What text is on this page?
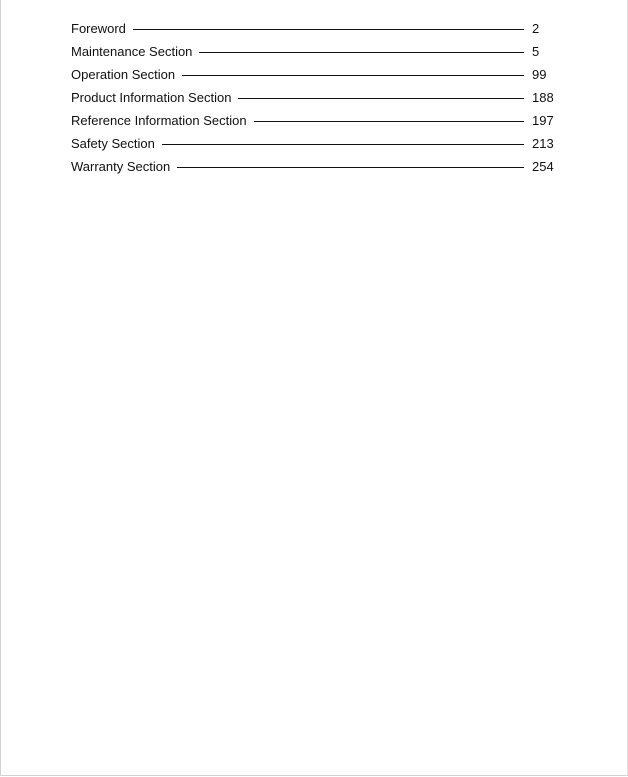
Foreword	2
Maintenance Section	5
Operation Section	99
Product Information Section	188
Reference Information Section	197
Safety Section	213
Warranty Section	254
